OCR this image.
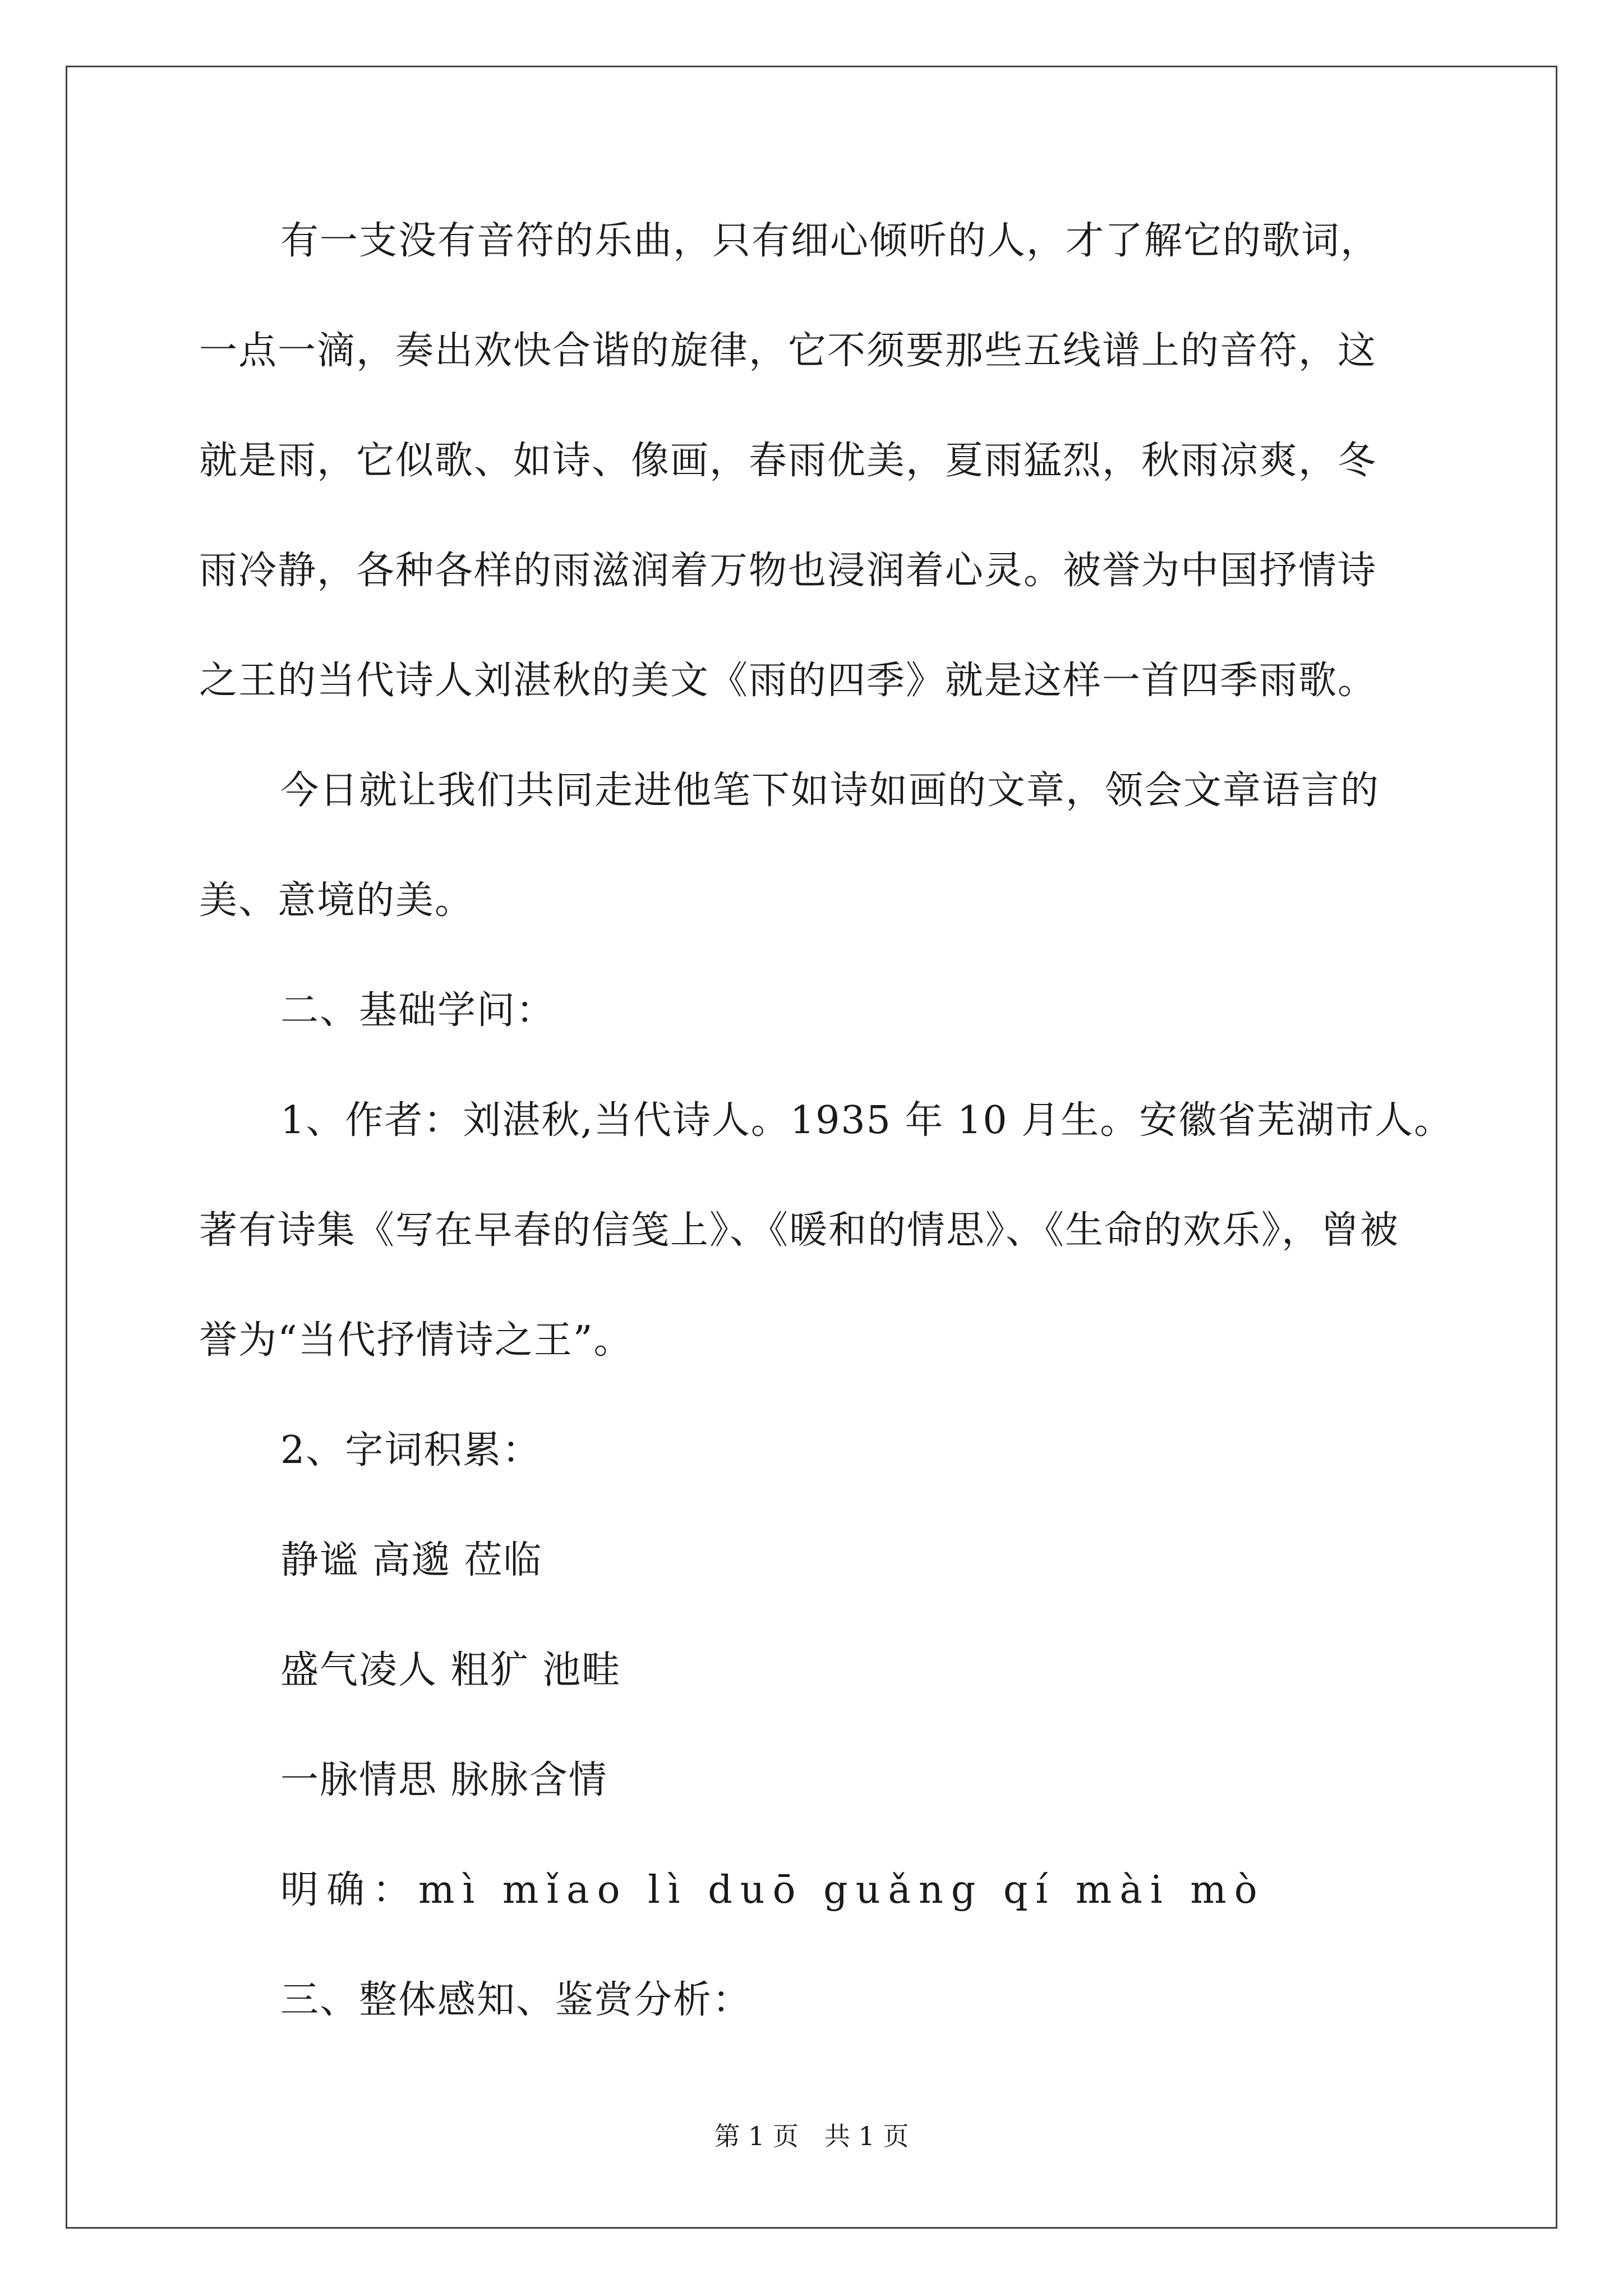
有一支没有音符的乐曲，只有细心倾听的人，才了解它的歌词，
一点一滴，奏出欢快合谐的旋律，它不须要那些五线谱上的音符，这
就是雨，它似歌、如诗、像画，春雨优美，夏雨猛烈，秋雨凉爽，冬
雨冷静，各种各样的雨滋润着万物也浸润着心灵。被誉为中国抒情诗
之王的当代诗人刘湛秋的美文《雨的四季》就是这样一首四季雨歌。
今日就让我们共同走进他笔下如诗如画的文章，领会文章语言的
美、意境的美。
二、基础学问：
1、作者：刘湛秋,当代诗人。1935 年 10 月生。安徽省芜湖市人。
著有诗集《写在早春的信笺上》、《暖和的情思》、《生命的欢乐》，曾被
誉为“当代抒情诗之王”。
2、字词积累：
静谧 高邈 莅临
盛气凌人 粗犷 池畦
一脉情思 脉脉含情
明确：mì mǐao lì duō guǎng qí mài mò
三、整体感知、鉴赏分析：
第 1 页　共 1 页
